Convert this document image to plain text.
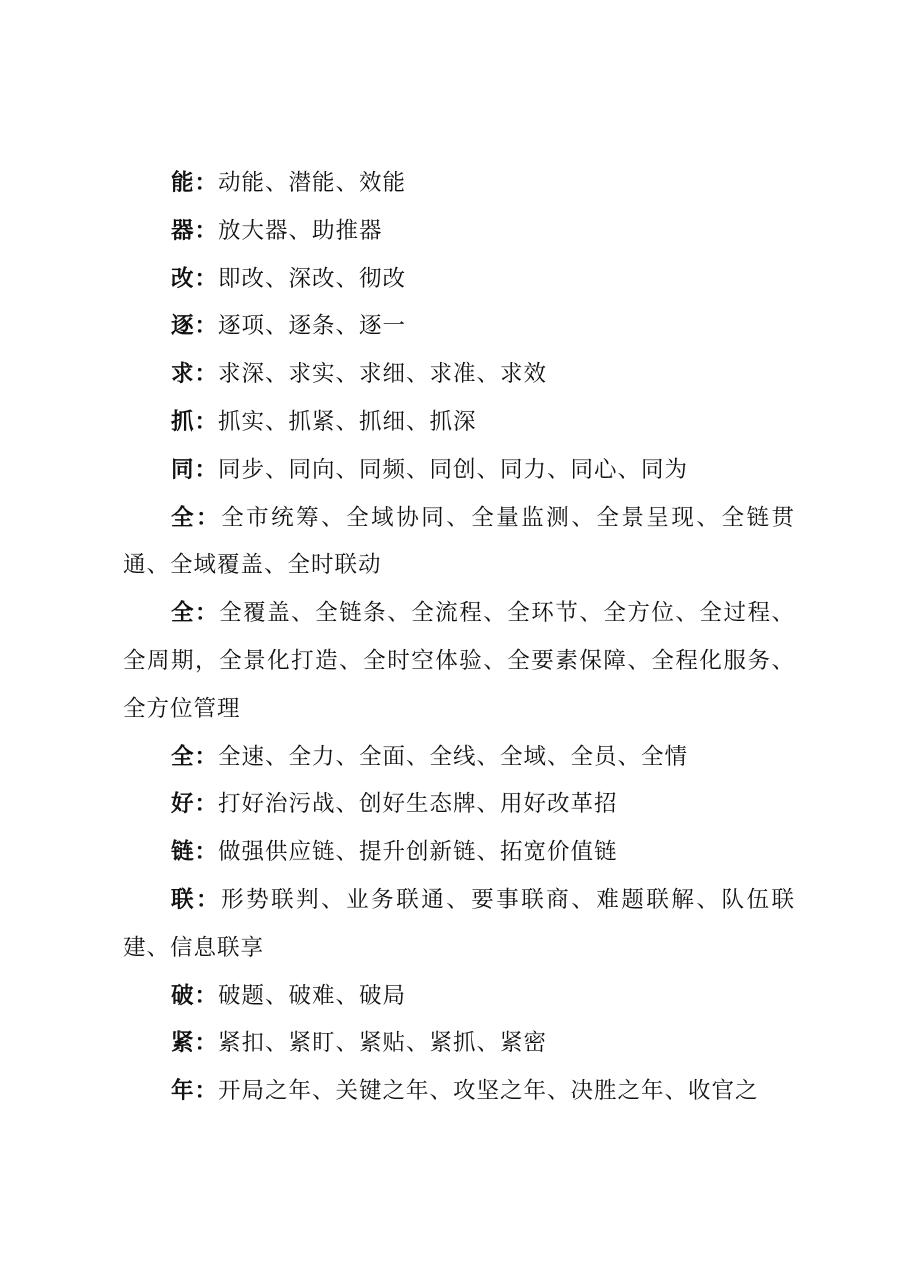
能：动能、潜能、效能

器：放大器、助推器

改：即改、深改、彻改

逐：逐项、逐条、逐一

求：求深、求实、求细、求准、求效

抓：抓实、抓紧、抓细、抓深

同：同步、同向、同频、同创、同力、同心、同为

全：全市统筹、全域协同、全量监测、全景呈现、全链贯通、全域覆盖、全时联动

全：全覆盖、全链条、全流程、全环节、全方位、全过程、全周期，全景化打造、全时空体验、全要素保障、全程化服务、全方位管理

全：全速、全力、全面、全线、全域、全员、全情

好：打好治污战、创好生态牌、用好改革招

链：做强供应链、提升创新链、拓宽价值链

联：形势联判、业务联通、要事联商、难题联解、队伍联建、信息联享

破：破题、破难、破局

紧：紧扣、紧盯、紧贴、紧抓、紧密

年：开局之年、关键之年、攻坚之年、决胜之年、收官之
